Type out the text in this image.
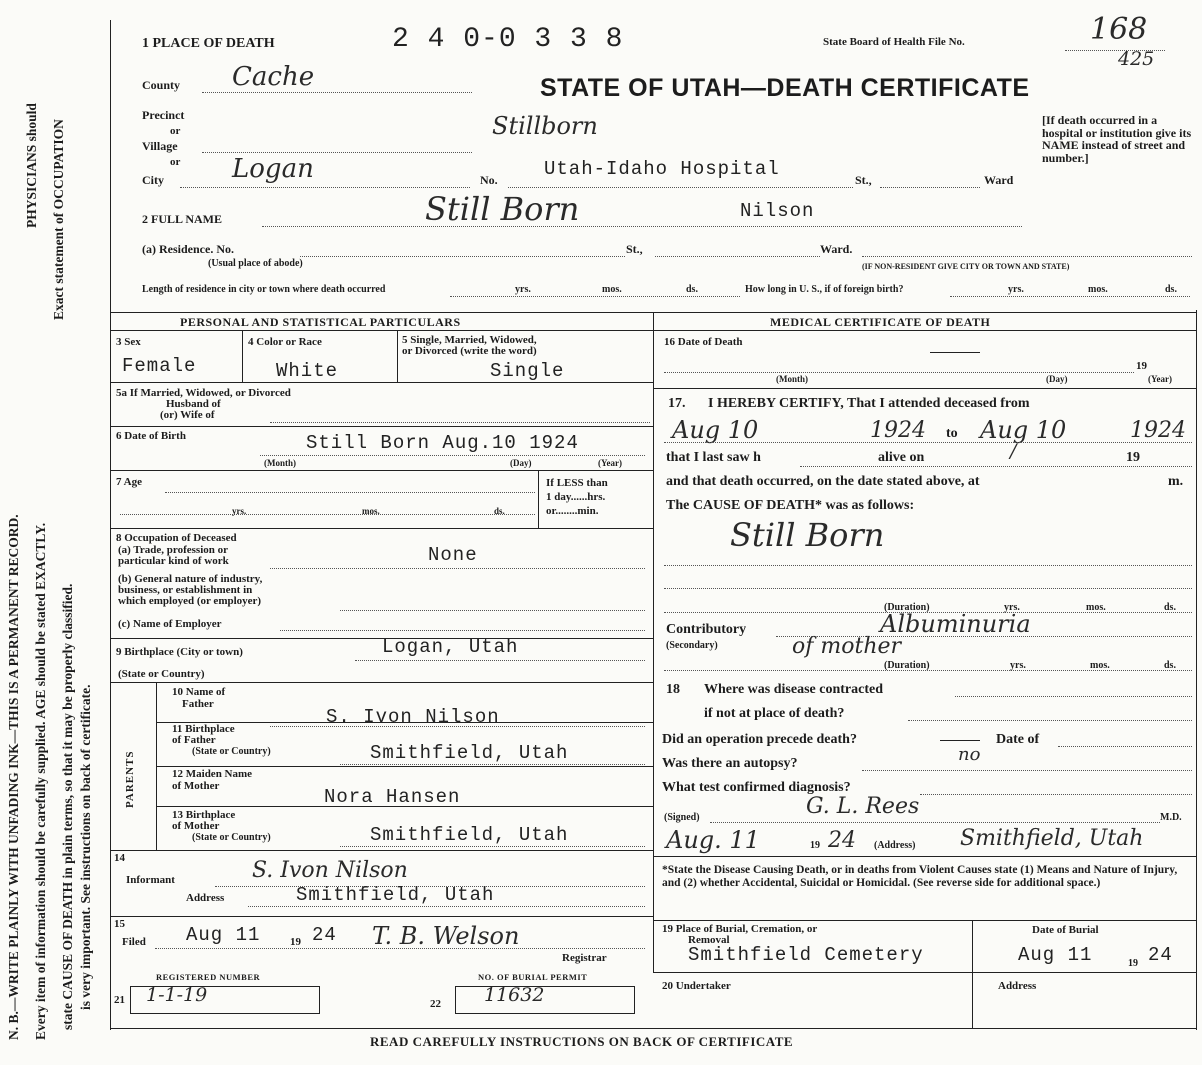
N. B.—WRITE PLAINLY WITH UNFADING INK—THIS IS A PERMANENT RECORD.
PHYSICIANS should
Every item of information should be carefully supplied. AGE should be stated EXACTLY.
Exact statement of OCCUPATION
state CAUSE OF DEATH in plain terms, so that it may be properly classified. is very important. See instructions on back of certificate.
1 PLACE OF DEATH	2 4 0-0 3 3 8	State Board of Health File No.	168
425
STATE OF UTAH—DEATH CERTIFICATE
County Cache
Precinct
or
Village
Stillborn
or
City	Logan	No. Utah-Idaho Hospital	St.,	Ward
[If death occurred in a hospital or institution give its NAME instead of street and number.]
2 FULL NAME	Still Born	Nilson
(a) Residence. No.
(Usual place of abode)
St.,	Ward.
(IF NON-RESIDENT GIVE CITY OR TOWN AND STATE)
Length of residence in city or town where death occurred	yrs.	mos.	ds.	How long in U. S., if of foreign birth?	yrs.	mos.	ds.
PERSONAL AND STATISTICAL PARTICULARS
3 Sex
Female
4 Color or Race
White
5 Single, Married, Widowed,
or Divorced (write the word)
Single
5a If Married, Widowed, or Divorced
Husband of
(or) Wife of
6 Date of Birth	Still Born Aug.10 1924
(Month)	(Day)	(Year)
7 Age
yrs.	mos.	ds.
If LESS than
1 day......hrs.
or........min.
8 Occupation of Deceased
(a) Trade, profession or
particular kind of work	None
(b) General nature of industry,
business, or establishment in
which employed (or employer)
(c) Name of Employer
9 Birthplace (City or town)	Logan, Utah
(State or Country)
PARENTS
10 Name of
Father
S. Ivon Nilson
11 Birthplace
of Father
(State or Country)	Smithfield, Utah
12 Maiden Name
of Mother	Nora Hansen
13 Birthplace
of Mother
(State or Country)	Smithfield, Utah
14
Informant	S. Ivon Nilson
Address	Smithfield, Utah
15
Filed Aug 11	19 24 T. B. Welson
Registrar
REGISTERED NUMBER
21 1-1-19
NO. OF BURIAL PERMIT
22 11632
MEDICAL CERTIFICATE OF DEATH
16 Date of Death
19
(Month)	(Day)	(Year)
17. I HEREBY CERTIFY, That I attended deceased from
Aug 10	1924 to Aug 10	1924
that I last saw h	alive on	/	19
and that death occurred, on the date stated above, at	m.
The CAUSE OF DEATH* was as follows:
Still Born
(Duration)	yrs.	mos.	ds.
Contributory
(Secondary)
Albuminuria
of mother
(Duration)	yrs.	mos.	ds.
18 Where was disease contracted
if not at place of death?
Did an operation precede death?	Date of
Was there an autopsy?	no
What test confirmed diagnosis?
(Signed)	G. L. Rees	M.D.
Aug. 11	19 24 (Address) Smithfield, Utah
*State the Disease Causing Death, or in deaths from Violent Causes state (1) Means and Nature of Injury, and (2) whether Accidental, Suicidal or Homicidal. (See reverse side for additional space.)
19 Place of Burial, Cremation, or
Removal
Smithfield Cemetery
Date of Burial
Aug 11	19 24
20 Undertaker	Address
READ CAREFULLY INSTRUCTIONS ON BACK OF CERTIFICATE
